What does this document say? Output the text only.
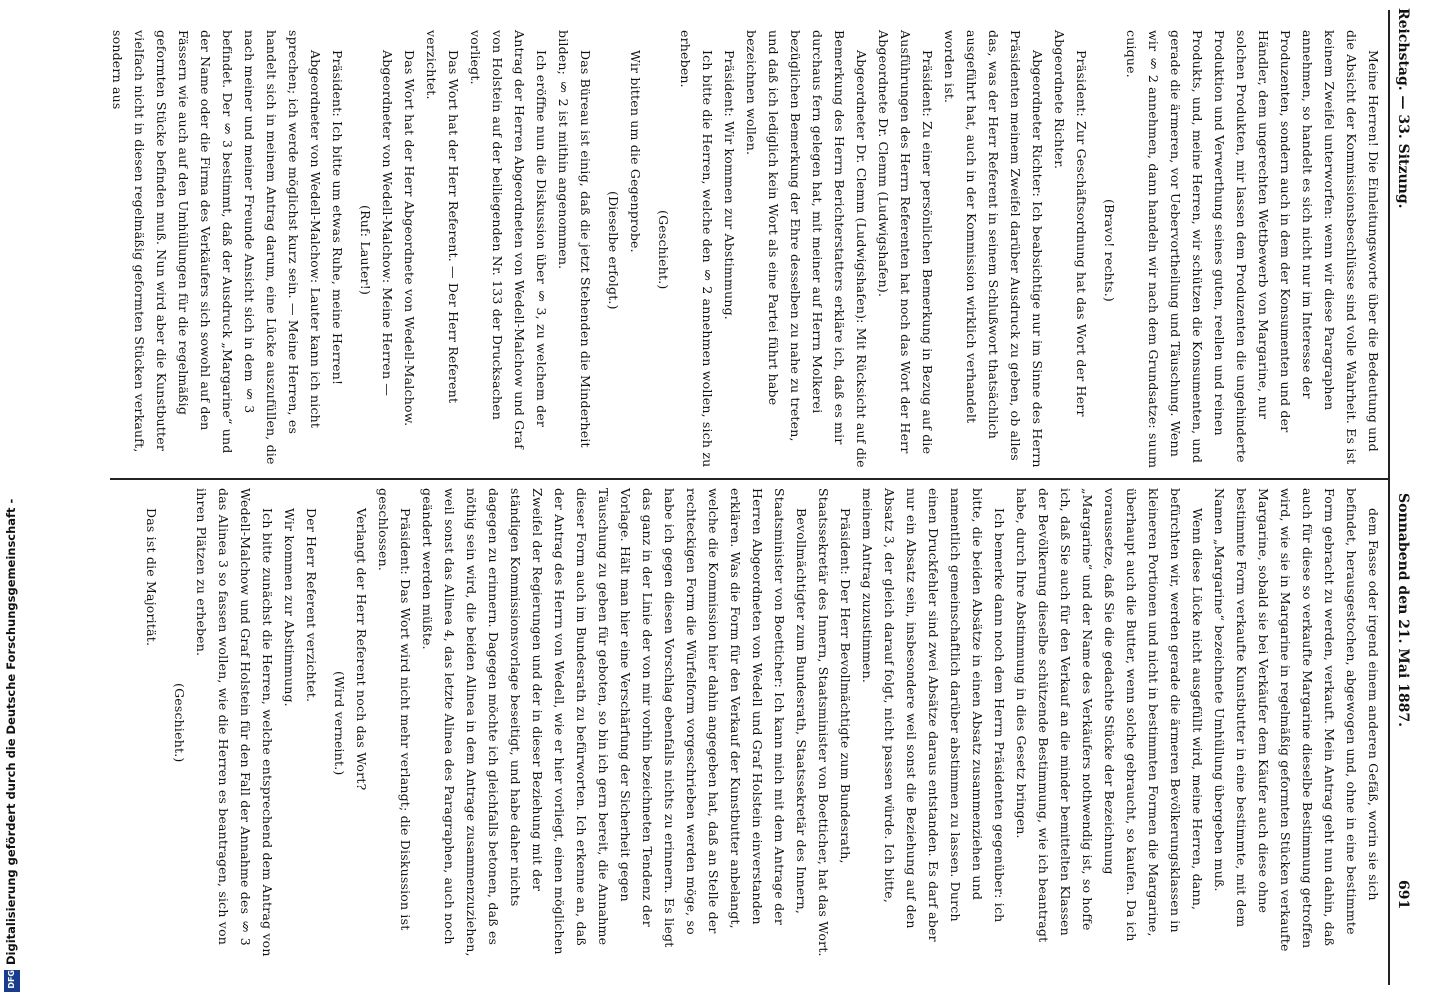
Reichstag. — 33. Sitzung.
Sonnabend den 21. Mai 1887.
691

Meine Herren! Die Einleitungsworte über die Bedeutung und die Absicht der Kommissionsbeschlüsse sind volle Wahrheit. Es ist keinem Zweifel unterworfen: wenn wir diese Paragraphen annehmen, so handelt es sich nicht nur im Interesse der Produzenten, sondern auch in dem der Konsumenten und der Händler, dem ungerechten Wettbewerb von Margarine, nur solchen Produkten, mir lassen dem Produzenten die ungehinderte Produktion und Verwerthung seines guten, reellen und reinen Produkts, und, meine Herren, wir schützen die Konsumenten, und gerade die ärmeren, vor Uebervortheilung und Täuschung. Wenn wir § 2 annehmen, dann handeln wir nach dem Grundsatze: suum cuique.

(Bravo! rechts.)

Präsident: Zur Geschäftsordnung hat das Wort der Herr Abgeordnete Richter.

Abgeordneter Richter: Ich beabsichtige nur im Sinne des Herrn Präsidenten meinem Zweifel darüber Ausdruck zu geben, ob alles das, was der Herr Referent in seinem Schlußwort thatsächlich ausgeführt hat, auch in der Kommission wirklich verhandelt worden ist.

Präsident: Zu einer persönlichen Bemerkung in Bezug auf die Ausführungen des Herrn Referenten hat noch das Wort der Herr Abgeordnete Dr. Clemm (Ludwigshafen).

Abgeordneter Dr. Clemm (Ludwigshafen): Mit Rücksicht auf die Bemerkung des Herrn Berichterstatters erkläre ich, daß es mir durchaus fern gelegen hat, mit meiner auf Herrn Molkerei bezüglichen Bemerkung der Ehre desselben zu nahe zu treten, und daß ich lediglich kein Wort als eine Partei führt habe bezeichnen wollen.

Präsident: Wir kommen zur Abstimmung.

Ich bitte die Herren, welche den § 2 annehmen wollen, sich zu erheben.

(Geschieht.)

Wir bitten um die Gegenprobe.

(Dieselbe erfolgt.)

Das Büreau ist einig, daß die jetzt Stehenden die Minderheit bilden; § 2 ist mithin angenommen.

Ich eröffne nun die Diskussion über § 3, zu welchem der Antrag der Herren Abgeordneten von Wedell-Malchow und Graf von Holstein auf der beiliegenden Nr. 133 der Drucksachen vorliegt.

Das Wort hat der Herr Referent. — Der Herr Referent verzichtet.

Das Wort hat der Herr Abgeordnete von Wedell-Malchow.

Abgeordneter von Wedell-Malchow: Meine Herren —

(Ruf: Lauter!)

Präsident: Ich bitte um etwas Ruhe, meine Herren!

Abgeordneter von Wedell-Malchow: Lauter kann ich nicht sprechen; ich werde möglichst kurz sein. — Meine Herren, es handelt sich in meinem Antrag darum, eine Lücke auszufüllen, die nach meiner und meiner Freunde Ansicht sich in dem § 3 befindet. Der § 3 bestimmt, daß der Ausdruck „Margarine“ und der Name oder die Firma des Verkäufers sich sowohl auf den Fässern wie auch auf den Umhüllungen für die regelmäßig geformten Stücke befinden muß. Nun wird aber die Kunstbutter vielfach nicht in diesen regelmäßig geformten Stücken verkauft, sondern aus

dem Fasse oder irgend einem anderen Gefäß, worin sie sich befindet, herausgestochen, abgewogen und, ohne in eine bestimmte Form gebracht zu werden, verkauft. Mein Antrag geht nun dahin, daß auch für diese so verkaufte Margarine dieselbe Bestimmung getroffen wird, wie sie in Margarine in regelmäßig geformten Stücken verkaufte Margarine, sobald sie bei Verkäufer dem Käufer auch diese ohne bestimmte Form verkaufte Kunstbutter in eine bestimmte, mit dem Namen „Margarine“ bezeichnete Umhüllung übergeben muß.

Wenn diese Lücke nicht ausgefüllt wird, meine Herren, dann, befürchten wir, werden gerade die ärmeren Bevölkerungsklassen in kleineren Portionen und nicht in bestimmten Formen die Margarine, überhaupt auch die Butter, wenn solche gebraucht, so kaufen. Da ich voraussetze, daß Sie die gedachte Stücke der Bezeichnung „Margarine“ und der Name des Verkäufers nothwendig ist, so hoffe ich, daß Sie auch für den Verkauf an die minder bemittelten Klassen der Bevölkerung dieselbe schützende Bestimmung, wie ich beantragt habe, durch Ihre Abstimmung in dies Gesetz bringen.

Ich bemerke dann noch dem Herrn Präsidenten gegenüber: ich bitte, die beiden Absätze in einen Absatz zusammenziehen und namentlich gemeinschaftlich darüber abstimmen zu lassen. Durch einen Druckfehler sind zwei Absätze daraus entstanden. Es darf aber nur ein Absatz sein, insbesondere weil sonst die Beziehung auf den Absatz 3, der gleich darauf folgt, nicht passen würde. Ich bitte, meinem Antrag zuzustimmen.

Präsident: Der Herr Bevollmächtigte zum Bundesrath, Staatssekretär des Innern, Staatsminister von Boetticher, hat das Wort.

Bevollmächtigter zum Bundesrath, Staatssekretär des Innern, Staatsminister von Boetticher: Ich kann mich mit dem Antrage der Herren Abgeordneten von Wedell und Graf Holstein einverstanden erklären. Was die Form für den Verkauf der Kunstbutter anbelangt, welche die Kommission hier dahin angegeben hat, daß an Stelle der rechteckigen Form die Würfelform vorgeschrieben werden möge, so habe ich gegen diesen Vorschlag ebenfalls nichts zu erinnern. Es liegt das ganz in der Linie der von mir vorhin bezeichneten Tendenz der Vorlage. Hält man hier eine Verschärfung der Sicherheit gegen Täuschung zu geben für geboten, so bin ich gern bereit, die Annahme dieser Form auch im Bundesrath zu befürworten. Ich erkenne an, daß der Antrag des Herrn von Wedell, wie er hier vorliegt, einen möglichen Zweifel der Regierungen und der in dieser Beziehung mit der ständigen Kommissionsvorlage beseitigt, und habe daher nichts dagegen zu erinnern. Dagegen möchte ich gleichfalls betonen, daß es nöthig sein wird, die beiden Alinea in dem Antrage zusammenzuziehen, weil sonst das Alinea 4, das letzte Alinea des Paragraphen, auch noch geändert werden müßte.

Präsident: Das Wort wird nicht mehr verlangt; die Diskussion ist geschlossen.

Verlangt der Herr Referent noch das Wort?

(Wird verneint.)

Der Herr Referent verzichtet.

Wir kommen zur Abstimmung.

Ich bitte zunächst die Herren, welche entsprechend dem Antrag von Wedell-Malchow und Graf Holstein für den Fall der Annahme des § 3 das Alinea 3 so fassen wollen, wie die Herren es beantragen, sich von ihren Plätzen zu erheben.

(Geschieht.)

Das ist die Majorität.

Digitalisierung gefördert durch die Deutsche Forschungsgemeinschaft -
DFG
